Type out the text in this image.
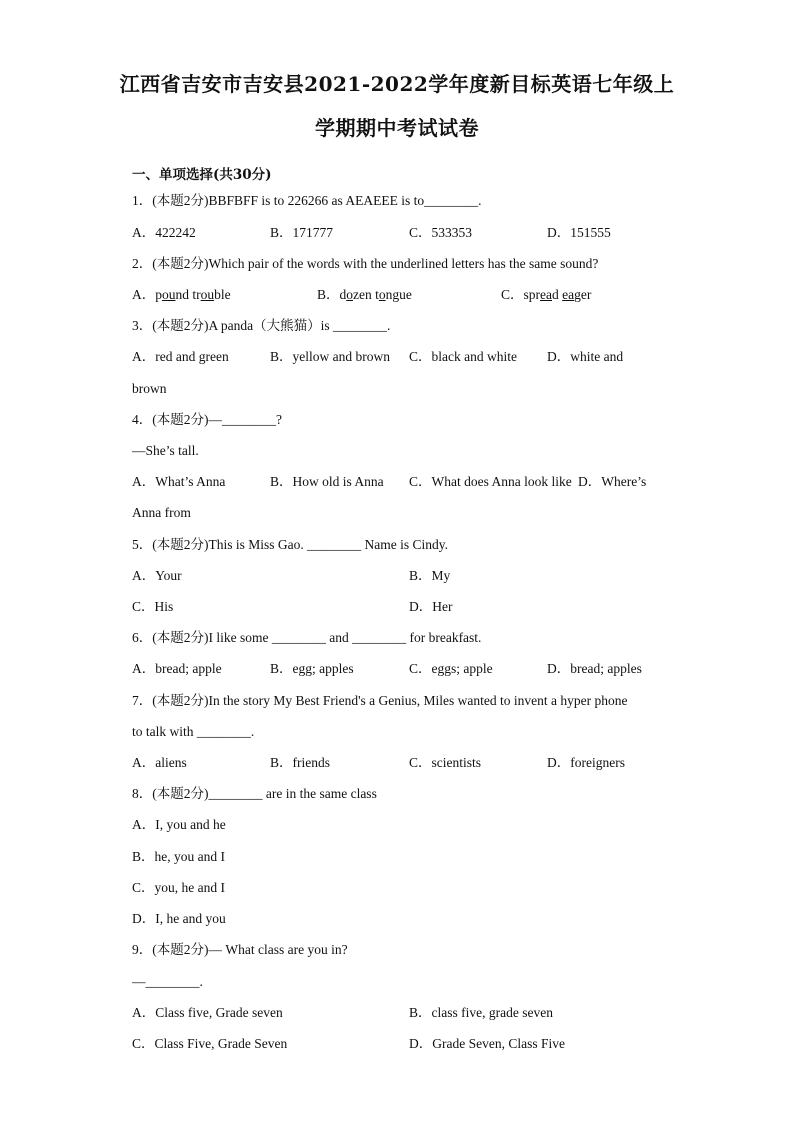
江西省吉安市吉安县2021-2022学年度新目标英语七年级上
学期期中考试试卷
一、单项选择(共30分)
1．(本题2分)BBFBFF is to 226266 as AEAEEE is to________.
A．422242	B．171777	C．533353	D．151555
2．(本题2分)Which pair of the words with the underlined letters has the same sound?
A．pound trouble	B．dozen tongue	C．spread eager
3．(本题2分)A panda（大熊猫）is ________.
A．red and green	B．yellow and brown C．black and white D．white and
brown
4．(本题2分)—________?
—She’s tall.
A．What’s Anna	B．How old is Anna C．What does Anna look like D．Where’s
Anna from
5．(本题2分)This is Miss Gao. ________ Name is Cindy.
A．Your	B．My
C．His	D．Her
6．(本题2分)I like some ________ and ________ for breakfast.
A．bread; apple	B．egg; apples	C．eggs; apple	D．bread; apples
7．(本题2分)In the story My Best Friend's a Genius, Miles wanted to invent a hyper phone
to talk with ________.
A．aliens	B．friends	C．scientists	D．foreigners
8．(本题2分)________ are in the same class
A．I, you and he
B．he, you and I
C．you, he and I
D．I, he and you
9．(本题2分)— What class are you in?
—________.
A．Class five, Grade seven	B．class five, grade seven
C．Class Five, Grade Seven	D．Grade Seven, Class Five
